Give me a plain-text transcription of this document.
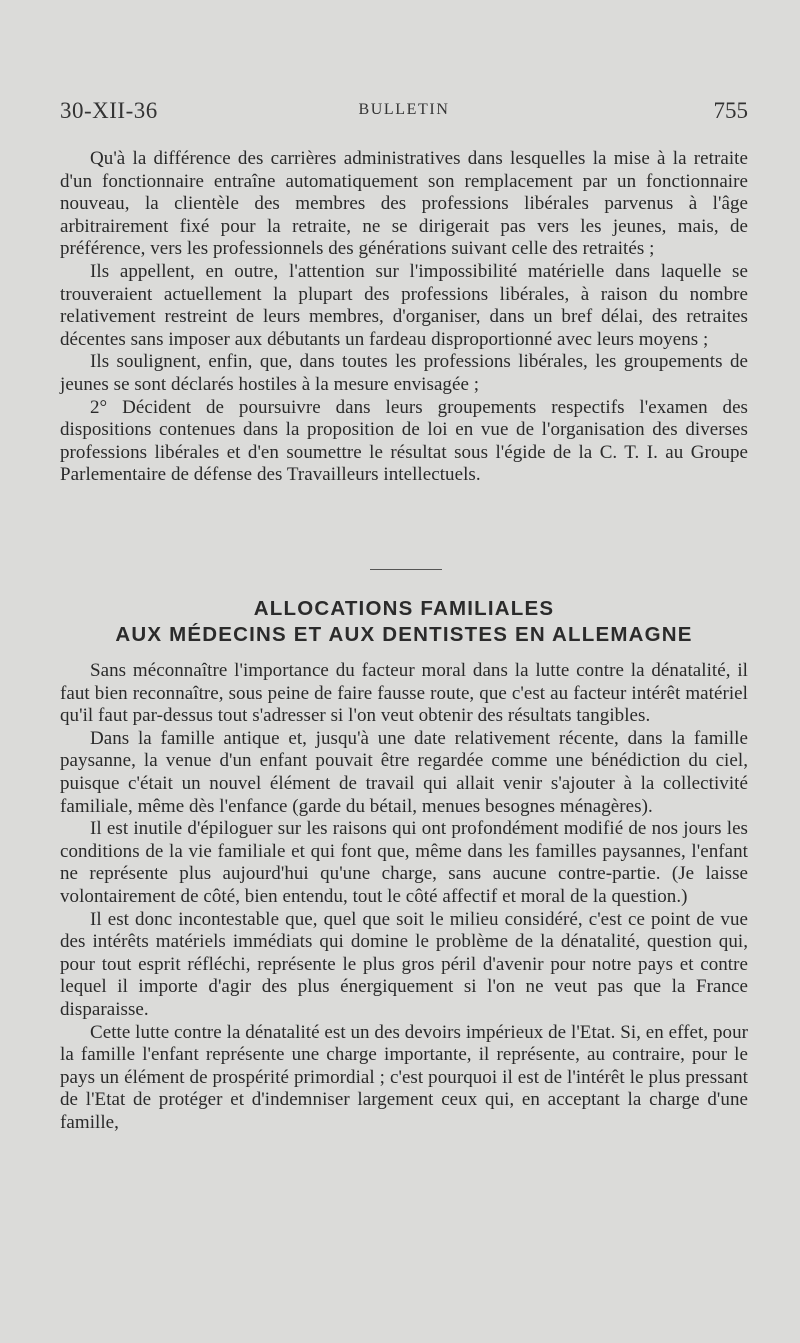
30-XII-36	BULLETIN	755

Qu'à la différence des carrières administratives dans lesquelles la mise à la retraite d'un fonctionnaire entraîne automatiquement son remplacement par un fonctionnaire nouveau, la clientèle des membres des professions libérales parvenus à l'âge arbitrairement fixé pour la retraite, ne se dirigerait pas vers les jeunes, mais, de préférence, vers les professionnels des générations suivant celle des retraités ;

Ils appellent, en outre, l'attention sur l'impossibilité matérielle dans laquelle se trouveraient actuellement la plupart des professions libérales, à raison du nombre relativement restreint de leurs membres, d'organiser, dans un bref délai, des retraites décentes sans imposer aux débutants un fardeau disproportionné avec leurs moyens ;

Ils soulignent, enfin, que, dans toutes les professions libérales, les groupements de jeunes se sont déclarés hostiles à la mesure envisagée ;

2° Décident de poursuivre dans leurs groupements respectifs l'examen des dispositions contenues dans la proposition de loi en vue de l'organisation des diverses professions libérales et d'en soumettre le résultat sous l'égide de la C. T. I. au Groupe Parlementaire de défense des Travailleurs intellectuels.

ALLOCATIONS FAMILIALES
AUX MÉDECINS ET AUX DENTISTES EN ALLEMAGNE

Sans méconnaître l'importance du facteur moral dans la lutte contre la dénatalité, il faut bien reconnaître, sous peine de faire fausse route, que c'est au facteur intérêt matériel qu'il faut par-dessus tout s'adresser si l'on veut obtenir des résultats tangibles.

Dans la famille antique et, jusqu'à une date relativement récente, dans la famille paysanne, la venue d'un enfant pouvait être regardée comme une bénédiction du ciel, puisque c'était un nouvel élément de travail qui allait venir s'ajouter à la collectivité familiale, même dès l'enfance (garde du bétail, menues besognes ménagères).

Il est inutile d'épiloguer sur les raisons qui ont profondément modifié de nos jours les conditions de la vie familiale et qui font que, même dans les familles paysannes, l'enfant ne représente plus aujourd'hui qu'une charge, sans aucune contre-partie. (Je laisse volontairement de côté, bien entendu, tout le côté affectif et moral de la question.)

Il est donc incontestable que, quel que soit le milieu considéré, c'est ce point de vue des intérêts matériels immédiats qui domine le problème de la dénatalité, question qui, pour tout esprit réfléchi, représente le plus gros péril d'avenir pour notre pays et contre lequel il importe d'agir des plus énergiquement si l'on ne veut pas que la France disparaisse.

Cette lutte contre la dénatalité est un des devoirs impérieux de l'Etat. Si, en effet, pour la famille l'enfant représente une charge importante, il représente, au contraire, pour le pays un élément de prospérité primordial ; c'est pourquoi il est de l'intérêt le plus pressant de l'Etat de protéger et d'indemniser largement ceux qui, en acceptant la charge d'une famille,
